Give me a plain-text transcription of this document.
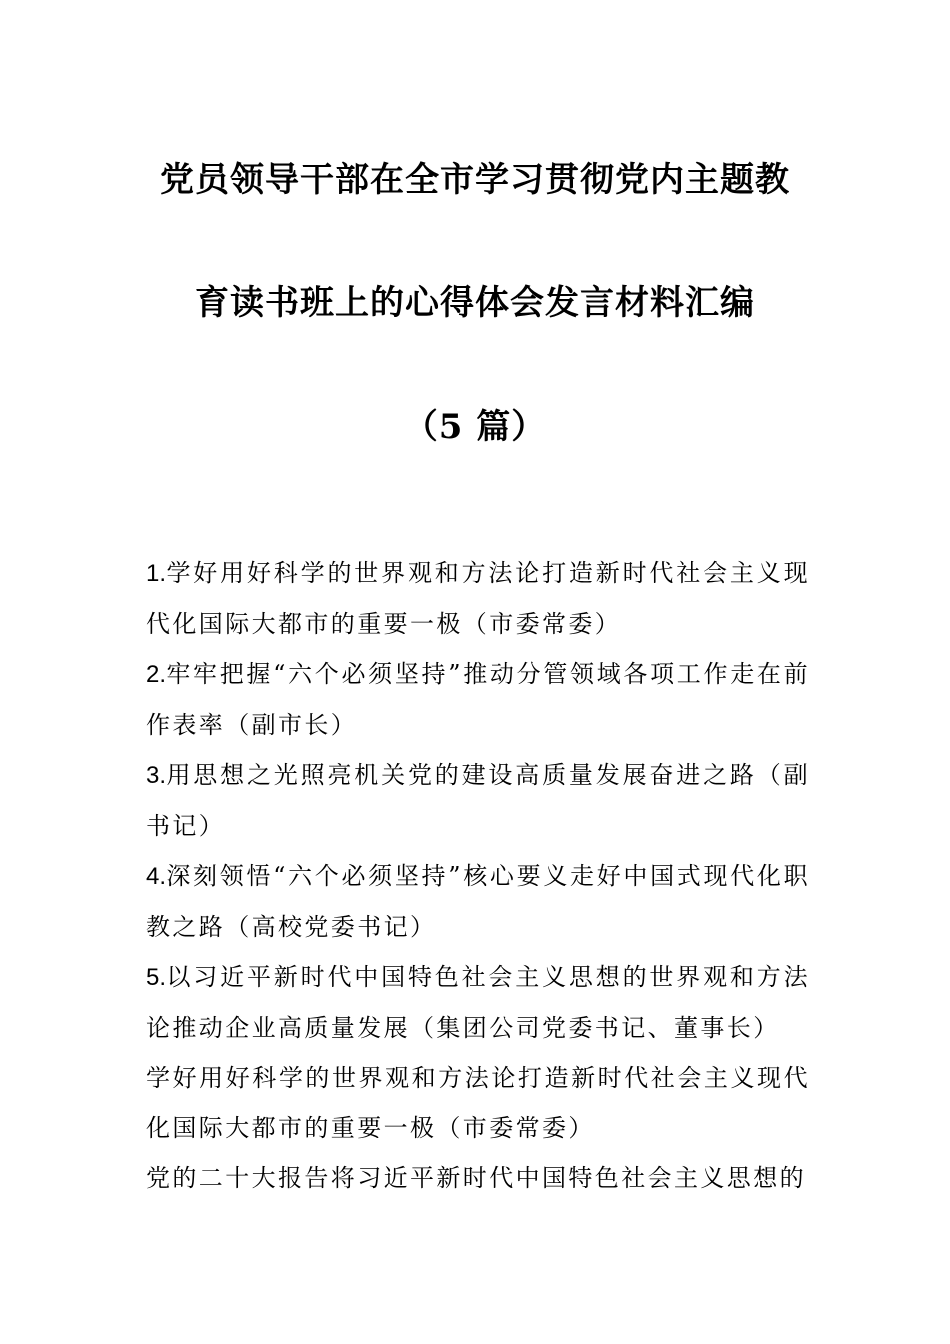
党员领导干部在全市学习贯彻党内主题教
育读书班上的心得体会发言材料汇编
（5 篇）

1.学好用好科学的世界观和方法论打造新时代社会主义现代化国际大都市的重要一极（市委常委）

2.牢牢把握“六个必须坚持”推动分管领域各项工作走在前作表率（副市长）

3.用思想之光照亮机关党的建设高质量发展奋进之路（副书记）

4.深刻领悟“六个必须坚持”核心要义走好中国式现代化职教之路（高校党委书记）

5.以习近平新时代中国特色社会主义思想的世界观和方法论推动企业高质量发展（集团公司党委书记、董事长）

学好用好科学的世界观和方法论打造新时代社会主义现代化国际大都市的重要一极（市委常委）

党的二十大报告将习近平新时代中国特色社会主义思想的
